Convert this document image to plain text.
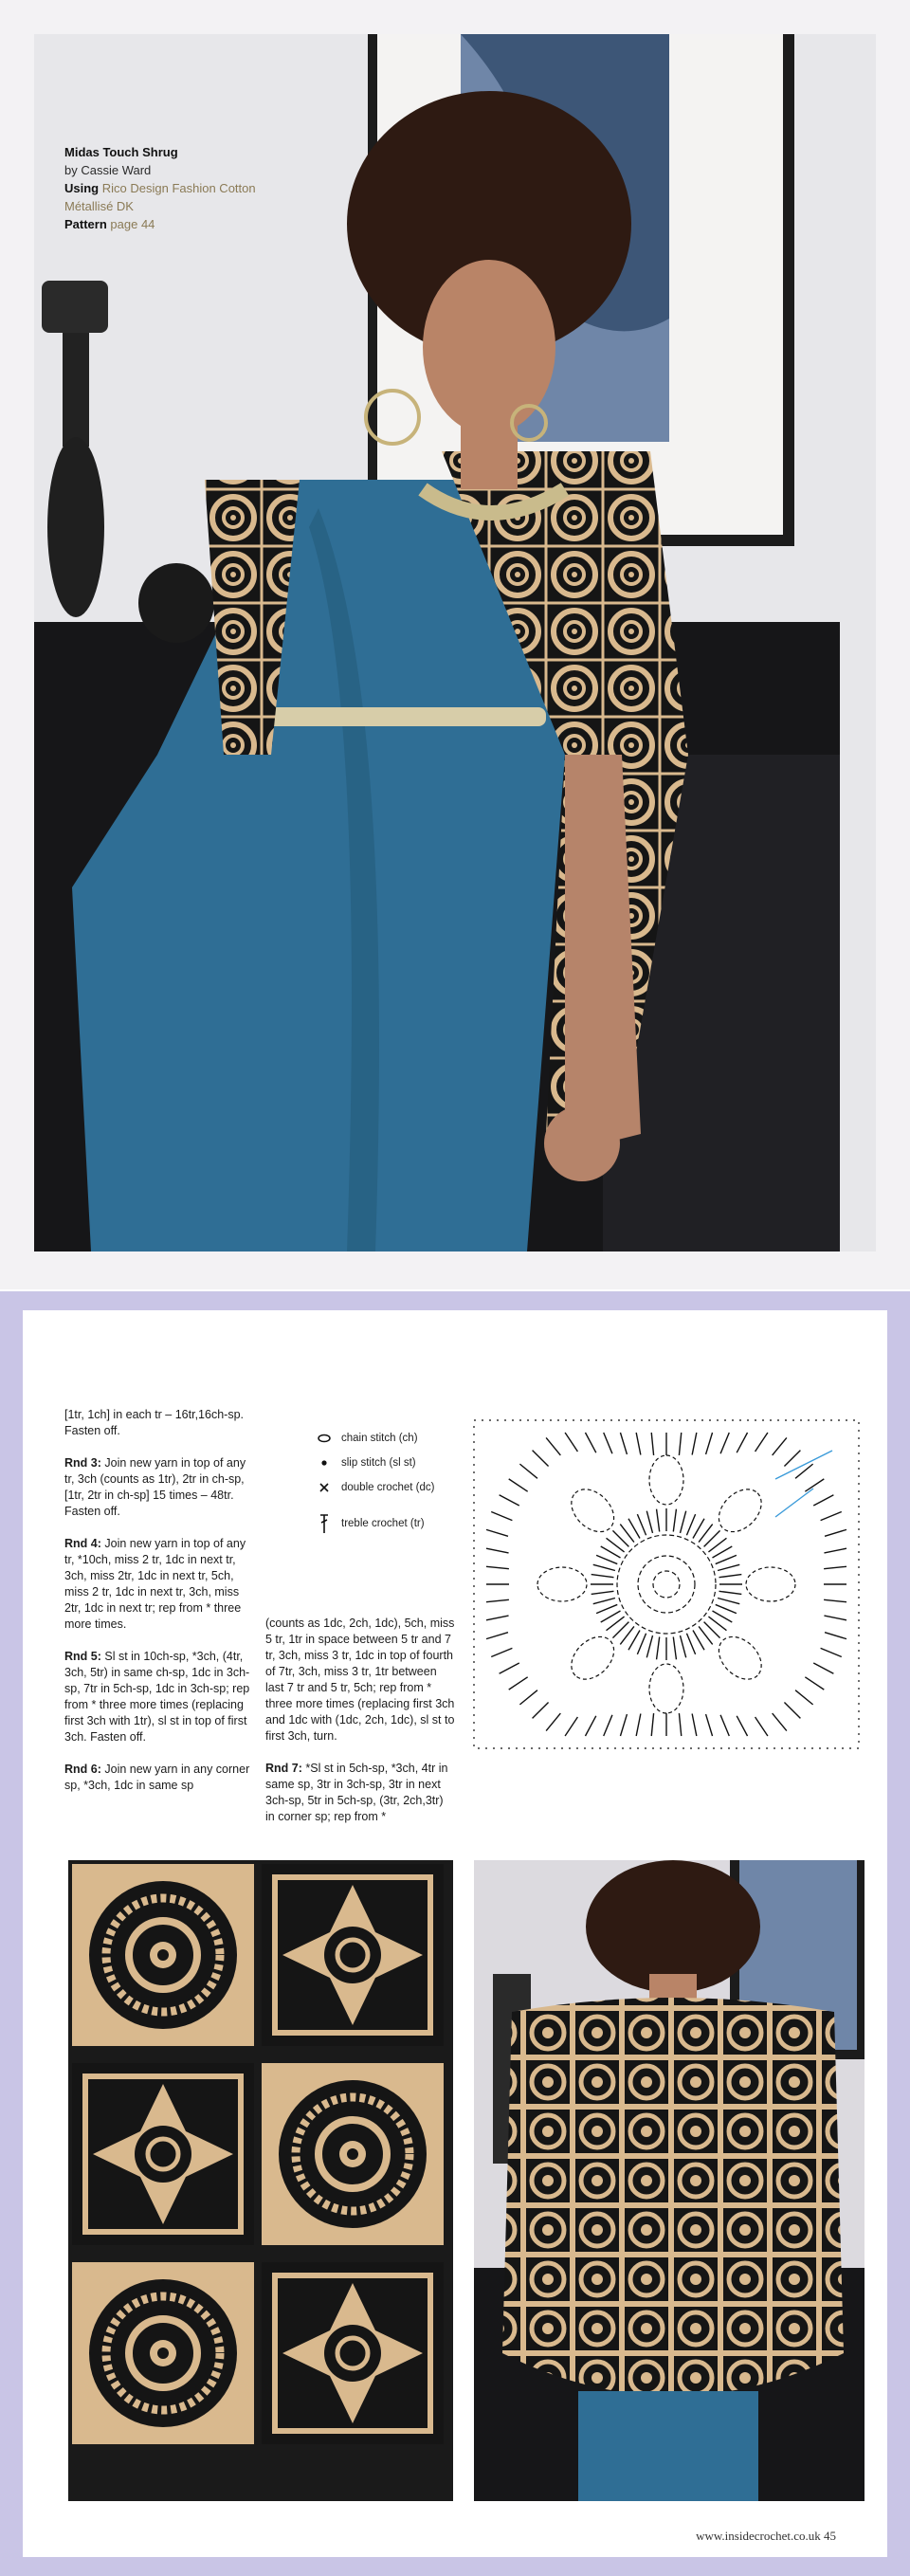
Midas Touch Shrug
by Cassie Ward
Using Rico Design Fashion Cotton Métallisé DK
Pattern page 44

[1tr, 1ch] in each tr – 16tr,16ch-sp. Fasten off.

Rnd 3: Join new yarn in top of any tr, 3ch (counts as 1tr), 2tr in ch-sp, [1tr, 2tr in ch-sp] 15 times – 48tr. Fasten off.

Rnd 4: Join new yarn in top of any tr, *10ch, miss 2 tr, 1dc in next tr, 3ch, miss 2tr, 1dc in next tr, 5ch, miss 2 tr, 1dc in next tr, 3ch, miss 2tr, 1dc in next tr; rep from * three more times.

Rnd 5: Sl st in 10ch-sp, *3ch, (4tr, 3ch, 5tr) in same ch-sp, 1dc in 3ch-sp, 7tr in 5ch-sp, 1dc in 3ch-sp; rep from * three more times (replacing first 3ch with 1tr), sl st in top of first 3ch. Fasten off.

Rnd 6: Join new yarn in any corner sp, *3ch, 1dc in same sp

chain stitch (ch)
slip stitch (sl st)
double crochet (dc)
treble crochet (tr)

(counts as 1dc, 2ch, 1dc), 5ch, miss 5 tr, 1tr in space between 5 tr and 7 tr, 3ch, miss 3 tr, 1dc in top of fourth of 7tr, 3ch, miss 3 tr, 1tr between last 7 tr and 5 tr, 5ch; rep from * three more times (replacing first 3ch and 1dc with (1dc, 2ch, 1dc), sl st to first 3ch, turn.

Rnd 7: *Sl st in 5ch-sp, *3ch, 4tr in same sp, 3tr in 3ch-sp, 3tr in next 3ch-sp, 5tr in 5ch-sp, (3tr, 2ch,3tr) in corner sp; rep from *

www.insidecrochet.co.uk 45
